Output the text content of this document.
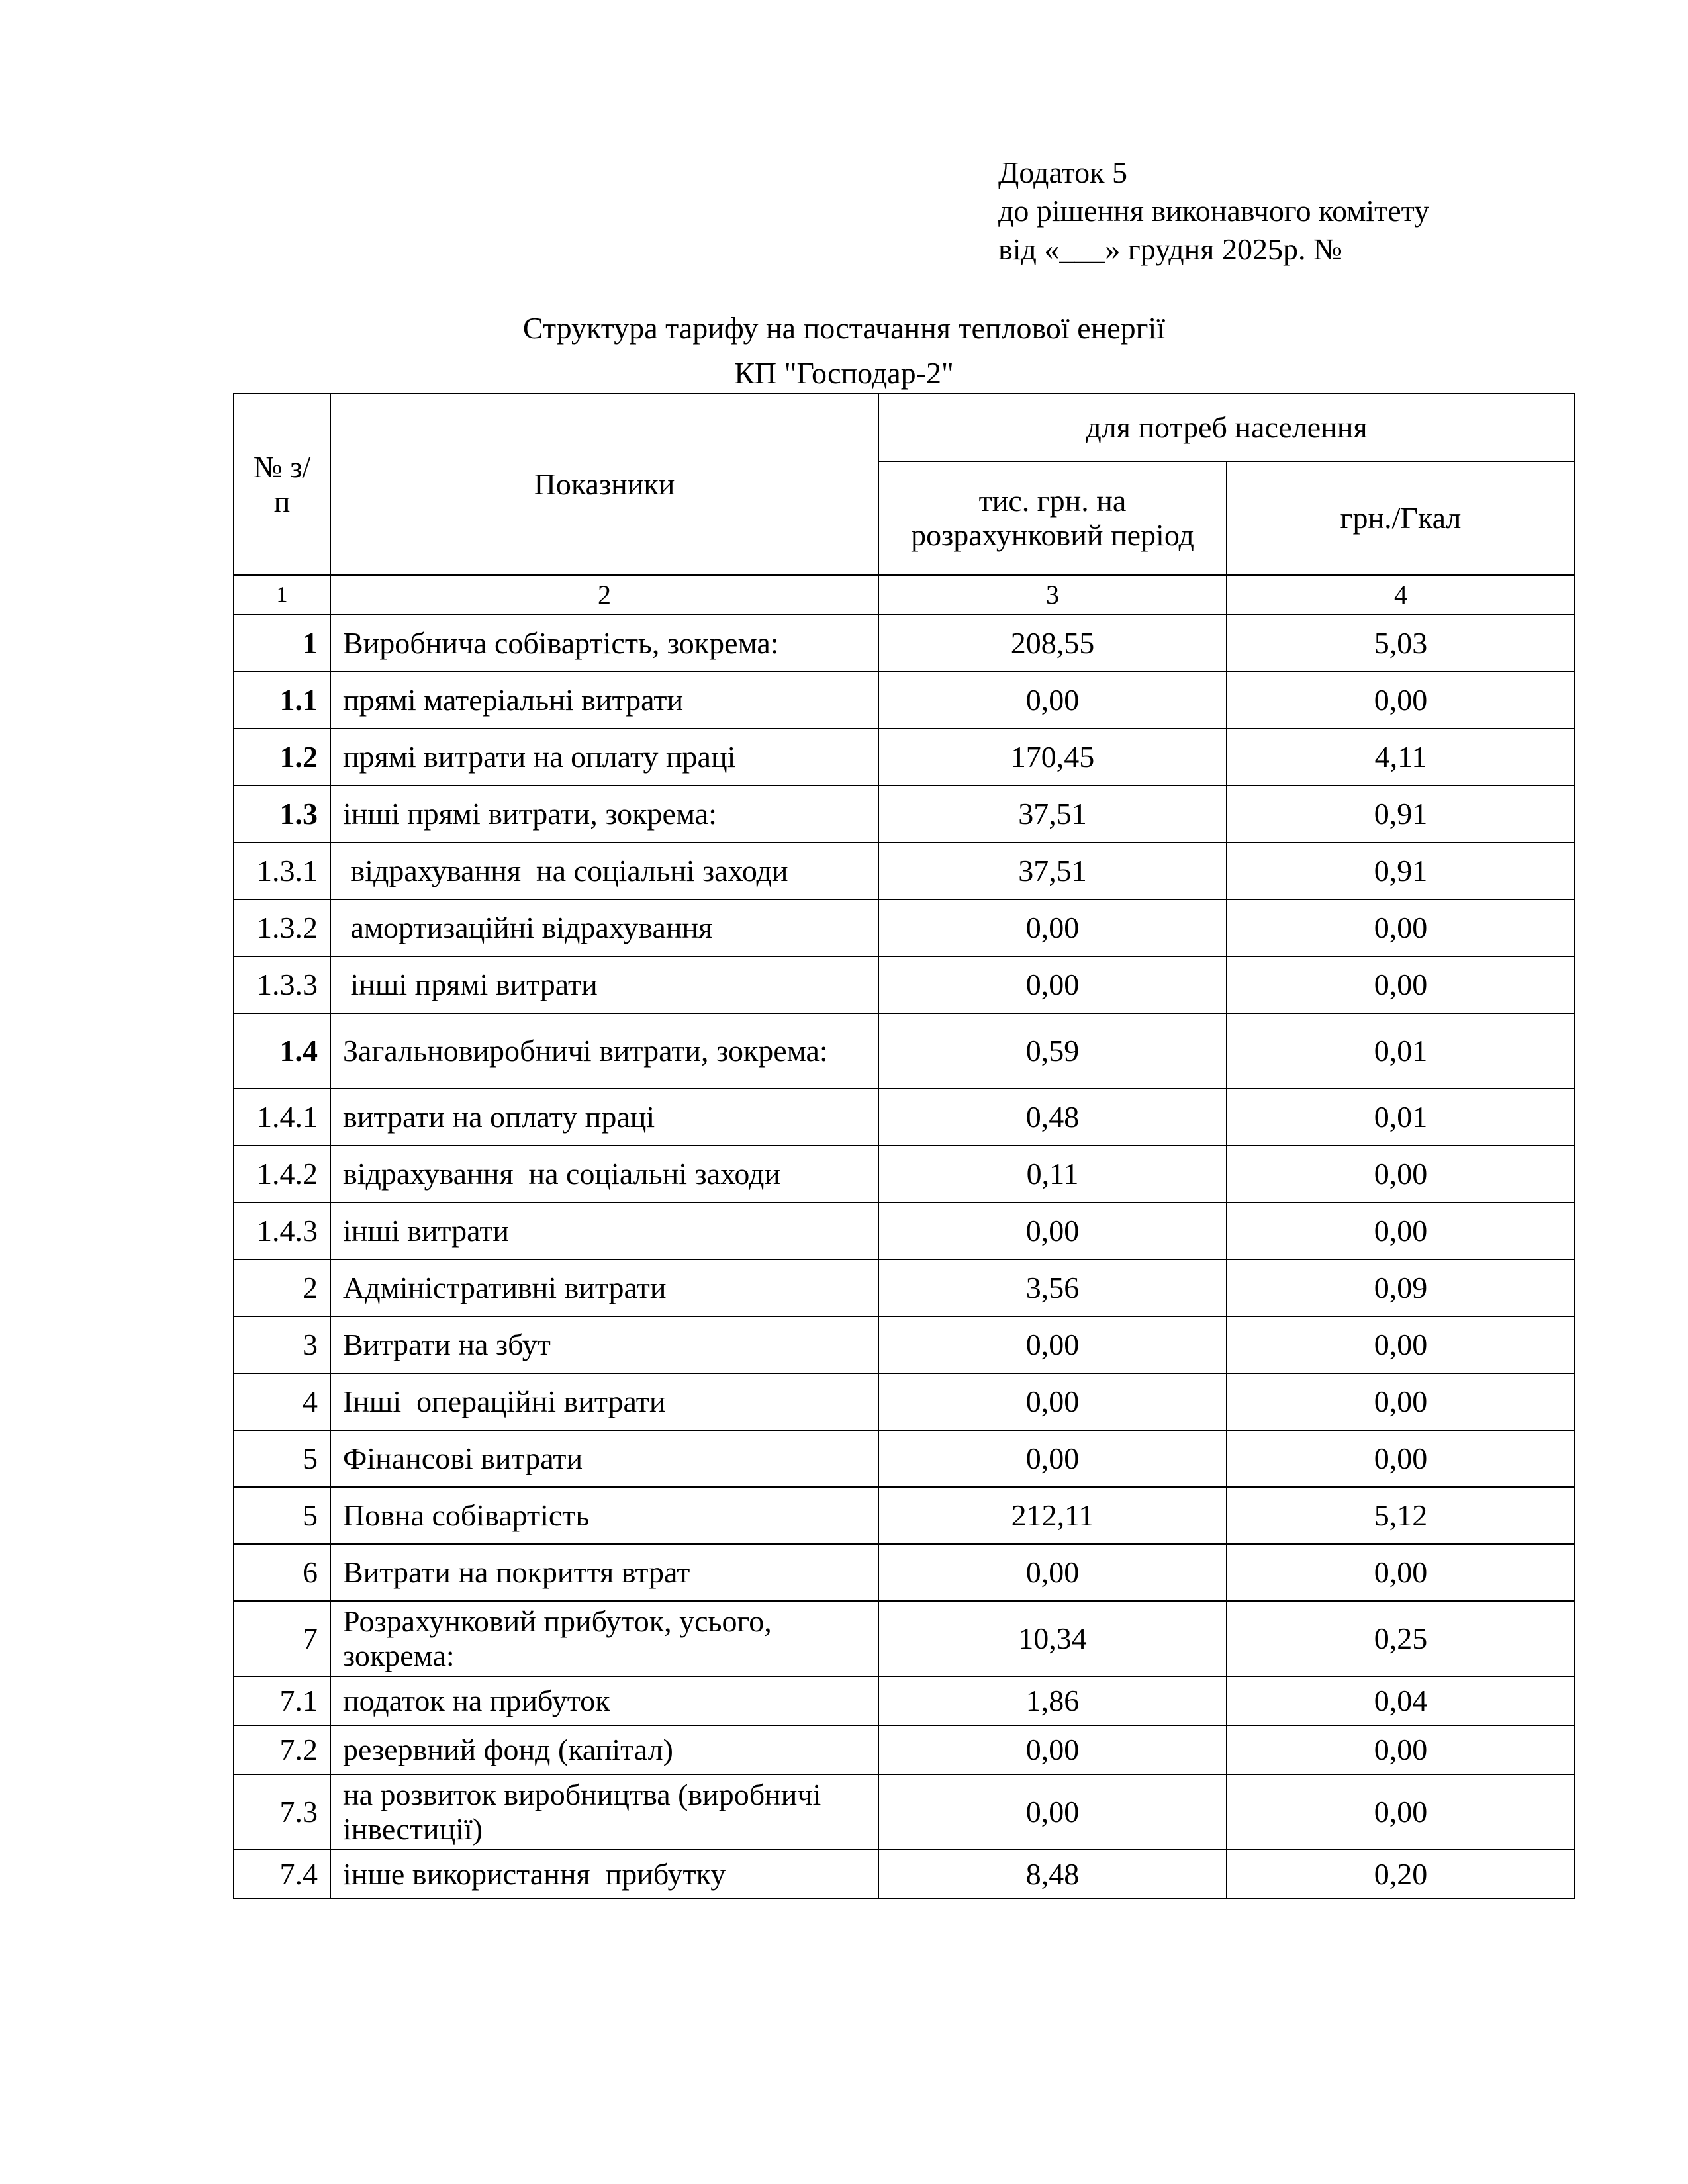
Додаток 5
до рішення виконавчого комітету
від «___» грудня 2025р. №
Структура тарифу на постачання теплової енергії
КП "Господар-2"
№ з/п	Показники	для потреб населення	
		тис. грн. на розрахунковий період	грн./Гкал
1	2	3	4
1	Виробнича собівартість, зокрема:	208,55	5,03
1.1	прямі матеріальні витрати	0,00	0,00
1.2	прямі витрати на оплату праці	170,45	4,11
1.3	інші прямі витрати, зокрема:	37,51	0,91
1.3.1	відрахування  на соціальні заходи	37,51	0,91
1.3.2	амортизаційні відрахування	0,00	0,00
1.3.3	інші прямі витрати	0,00	0,00
1.4	Загальновиробничі витрати, зокрема:	0,59	0,01
1.4.1	витрати на оплату праці	0,48	0,01
1.4.2	відрахування  на соціальні заходи	0,11	0,00
1.4.3	інші витрати	0,00	0,00
2	Адміністративні витрати	3,56	0,09
3	Витрати на збут	0,00	0,00
4	Інші  операційні витрати	0,00	0,00
5	Фінансові витрати	0,00	0,00
5	Повна собівартість	212,11	5,12
6	Витрати на покриття втрат	0,00	0,00
7	Розрахунковий прибуток, усього, зокрема:	10,34	0,25
7.1	податок на прибуток	1,86	0,04
7.2	резервний фонд (капітал)	0,00	0,00
7.3	на розвиток виробництва (виробничі інвестиції)	0,00	0,00
7.4	інше використання  прибутку	8,48	0,20
